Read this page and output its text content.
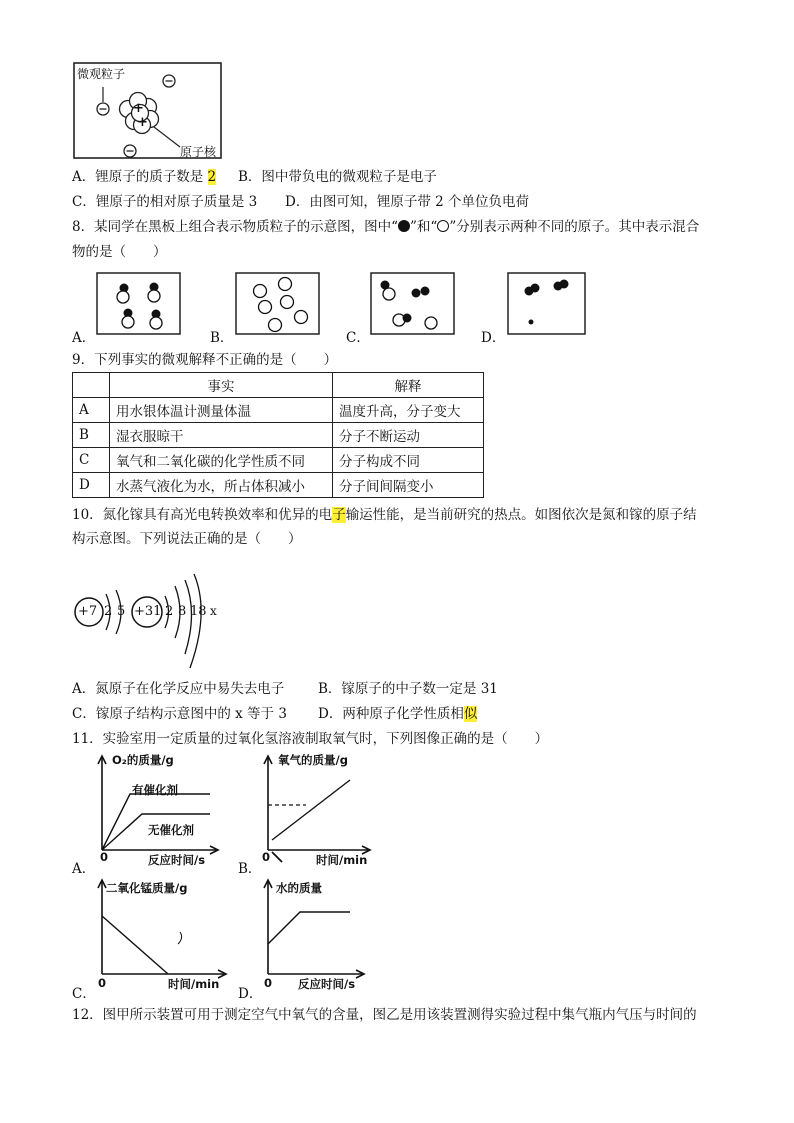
微观粒子
原子核
+
+
A．锂原子的质子数是 2 B．图中带负电的微观粒子是电子
C．锂原子的相对原子质量是 3 D．由图可知，锂原子带 2 个单位负电荷
8．某同学在黑板上组合表示物质粒子的示意图，图中“ ”和“ ”分别表示两种不同的原子。其中表示混合
物的是（　　）
A．	B．	C．	D．
9．下列事实的微观解释不正确的是（　　）
	事实	解释
A	用水银体温计测量体温	温度升高，分子变大
B	湿衣服晾干	分子不断运动
C	氧气和二氧化碳的化学性质不同	分子构成不同
D	水蒸气液化为水，所占体积减小	分子间间隔变小
10．氮化镓具有高光电转换效率和优异的电子输运性能，是当前研究的热点。如图依次是氮和镓的原子结
构示意图。下列说法正确的是（　　）
+7 2 5 +31 2 8 18 x
A．氮原子在化学反应中易失去电子	B．镓原子的中子数一定是 31
C．镓原子结构示意图中的 x 等于 3 D．两种原子化学性质相似
11．实验室用一定质量的过氧化氢溶液制取氧气时，下列图像正确的是（　　）
O₂的质量/g
有催化剂
无催化剂
0	反应时间/s
A．
氧气的质量/g
0	时间/min
B．
二氧化锰质量/g
0	时间/min
C．
水的质量
0 反应时间/s
D．
12．图甲所示装置可用于测定空气中氧气的含量，图乙是用该装置测得实验过程中集气瓶内气压与时间的
